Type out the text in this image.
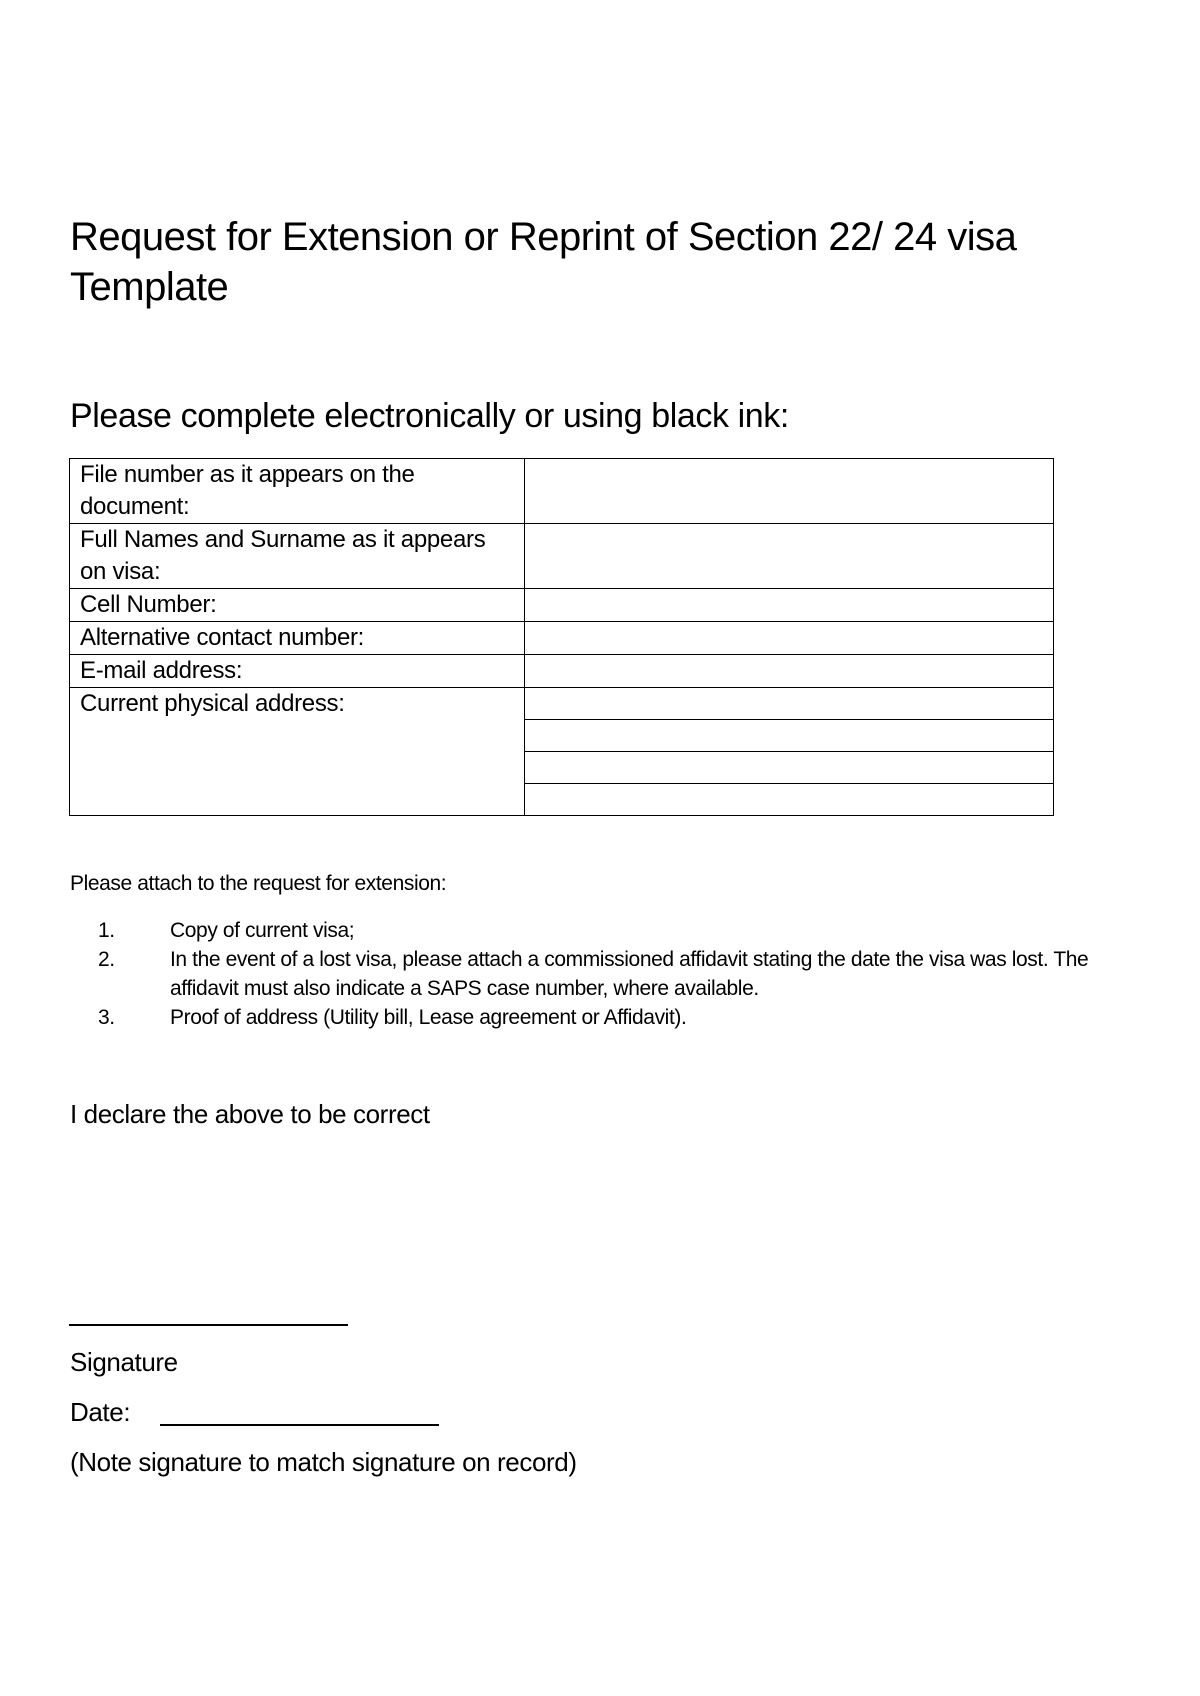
Request for Extension or Reprint of Section 22/ 24 visa Template
Please complete electronically or using black ink:
File number as it appears on the document:	

Full Names and Surname as it appears on visa:	

Cell Number:	

Alternative contact number:	

E-mail address:	

Current physical address:	

Please attach to the request for extension:

1.	Copy of current visa;
2.	In the event of a lost visa, please attach a commissioned affidavit stating the date the visa was lost. The affidavit must also indicate a SAPS case number, where available.
3.	Proof of address (Utility bill, Lease agreement or Affidavit).
I declare the above to be correct
Signature
Date:
(Note signature to match signature on record)
